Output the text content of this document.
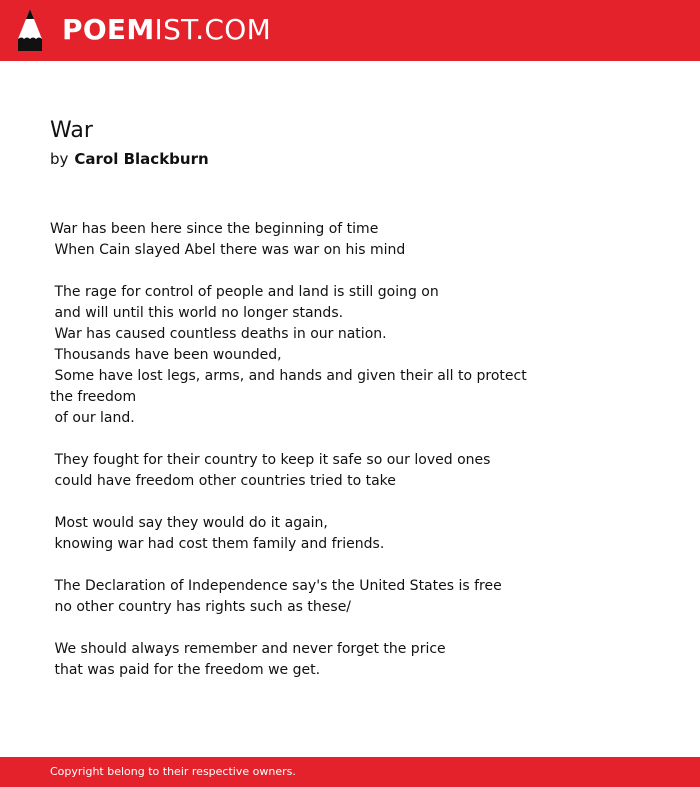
POEMIST.COM
War
by Carol Blackburn
War has been here since the beginning of time
When Cain slayed Abel there was war on his mind

The rage for control of people and land is still going on
and will until this world no longer stands.
War has caused countless deaths in our nation.
Thousands have been wounded,
Some have lost legs, arms, and hands and given their all to protect the freedom
of our land.

They fought for their country to keep it safe so our loved ones
could have freedom other countries tried to take

Most would say they would do it again,
knowing war had cost them family and friends.

The Declaration of Independence say's the United States is free
no other country has rights such as these/

We should always remember and never forget the price
that was paid for the freedom we get.
Copyright belong to their respective owners.
